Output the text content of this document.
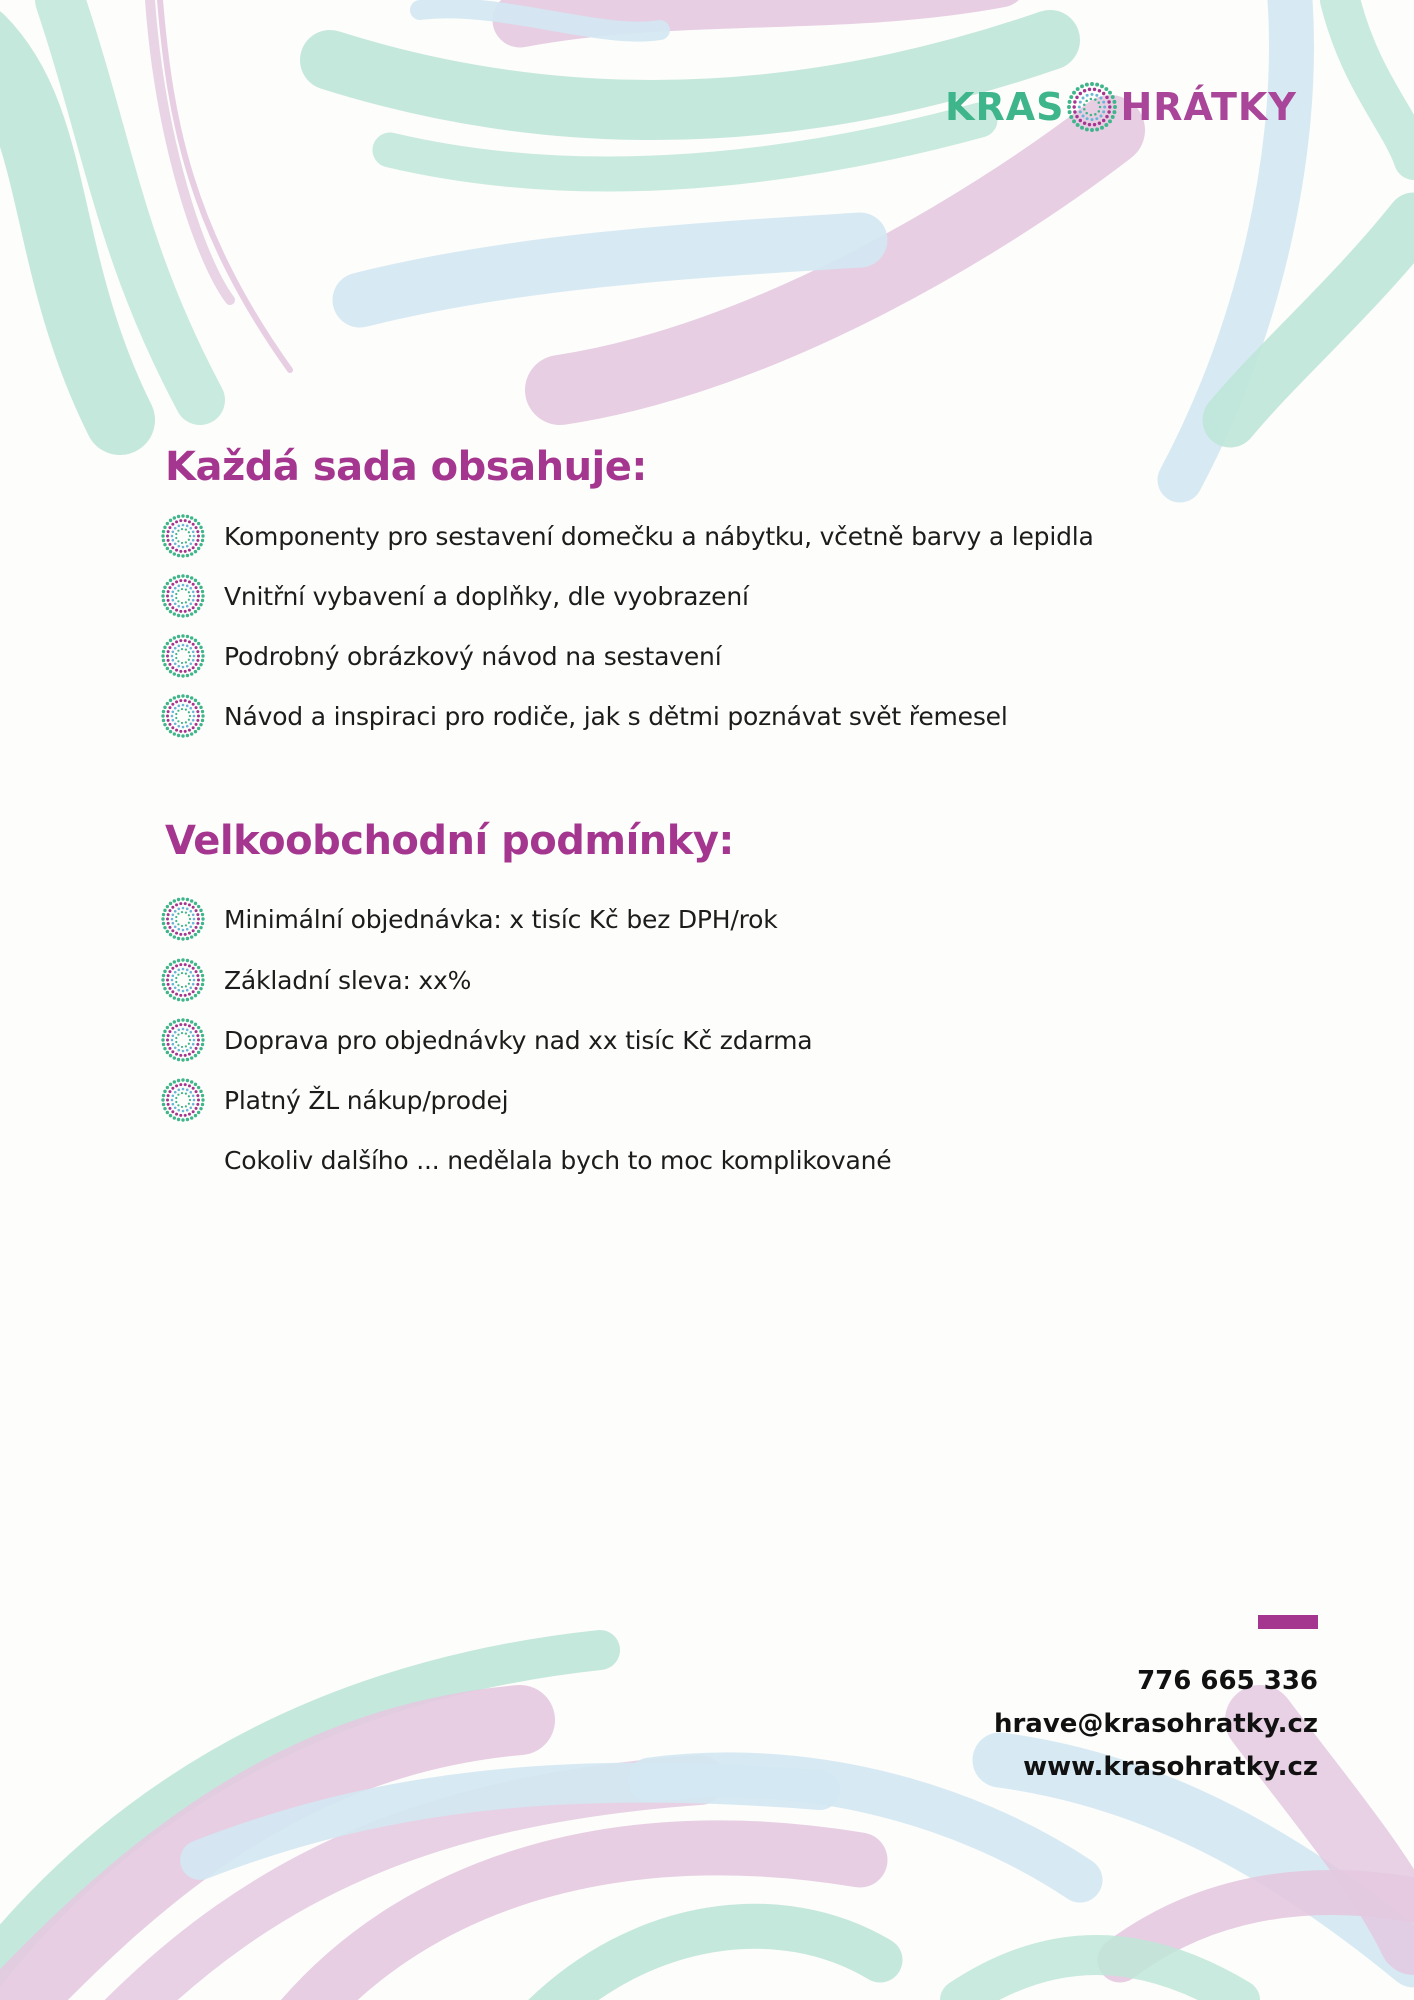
KRAS HRÁTKY
Každá sada obsahuje:
Komponenty pro sestavení domečku a nábytku, včetně barvy a lepidla
Vnitřní vybavení a doplňky, dle vyobrazení
Podrobný obrázkový návod na sestavení
Návod a inspiraci pro rodiče, jak s dětmi poznávat svět řemesel
Velkoobchodní podmínky:
Minimální objednávka: x tisíc Kč bez DPH/rok
Základní sleva: xx%
Doprava pro objednávky nad xx tisíc Kč zdarma
Platný ŽL nákup/prodej
Cokoliv dalšího ... nedělala bych to moc komplikované
776 665 336
hrave@krasohratky.cz
www.krasohratky.cz
